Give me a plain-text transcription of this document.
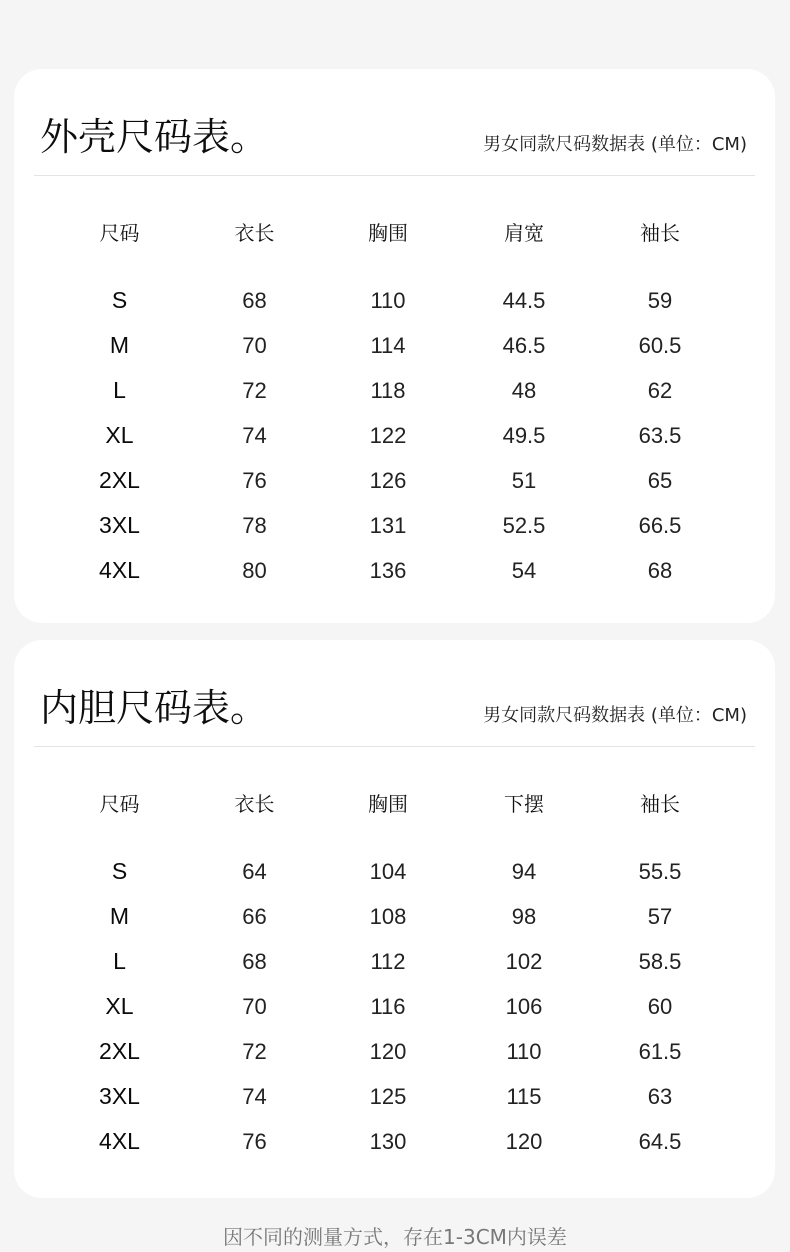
外壳尺码表。	男女同款尺码数据表 (单位：CM)
	尺码	衣长	胸围	肩宽	袖长	

	S	68	110	44.5	59	
	M	70	114	46.5	60.5	
	L	72	118	48	62	
	XL	74	122	49.5	63.5	
	2XL	76	126	51	65	
	3XL	78	131	52.5	66.5	
	4XL	80	136	54	68	
内胆尺码表。	男女同款尺码数据表 (单位：CM)
	尺码	衣长	胸围	下摆	袖长	

	S	64	104	94	55.5	
	M	66	108	98	57	
	L	68	112	102	58.5	
	XL	70	116	106	60	
	2XL	72	120	110	61.5	
	3XL	74	125	115	63	
	4XL	76	130	120	64.5	
因不同的测量方式，存在1-3CM内误差
